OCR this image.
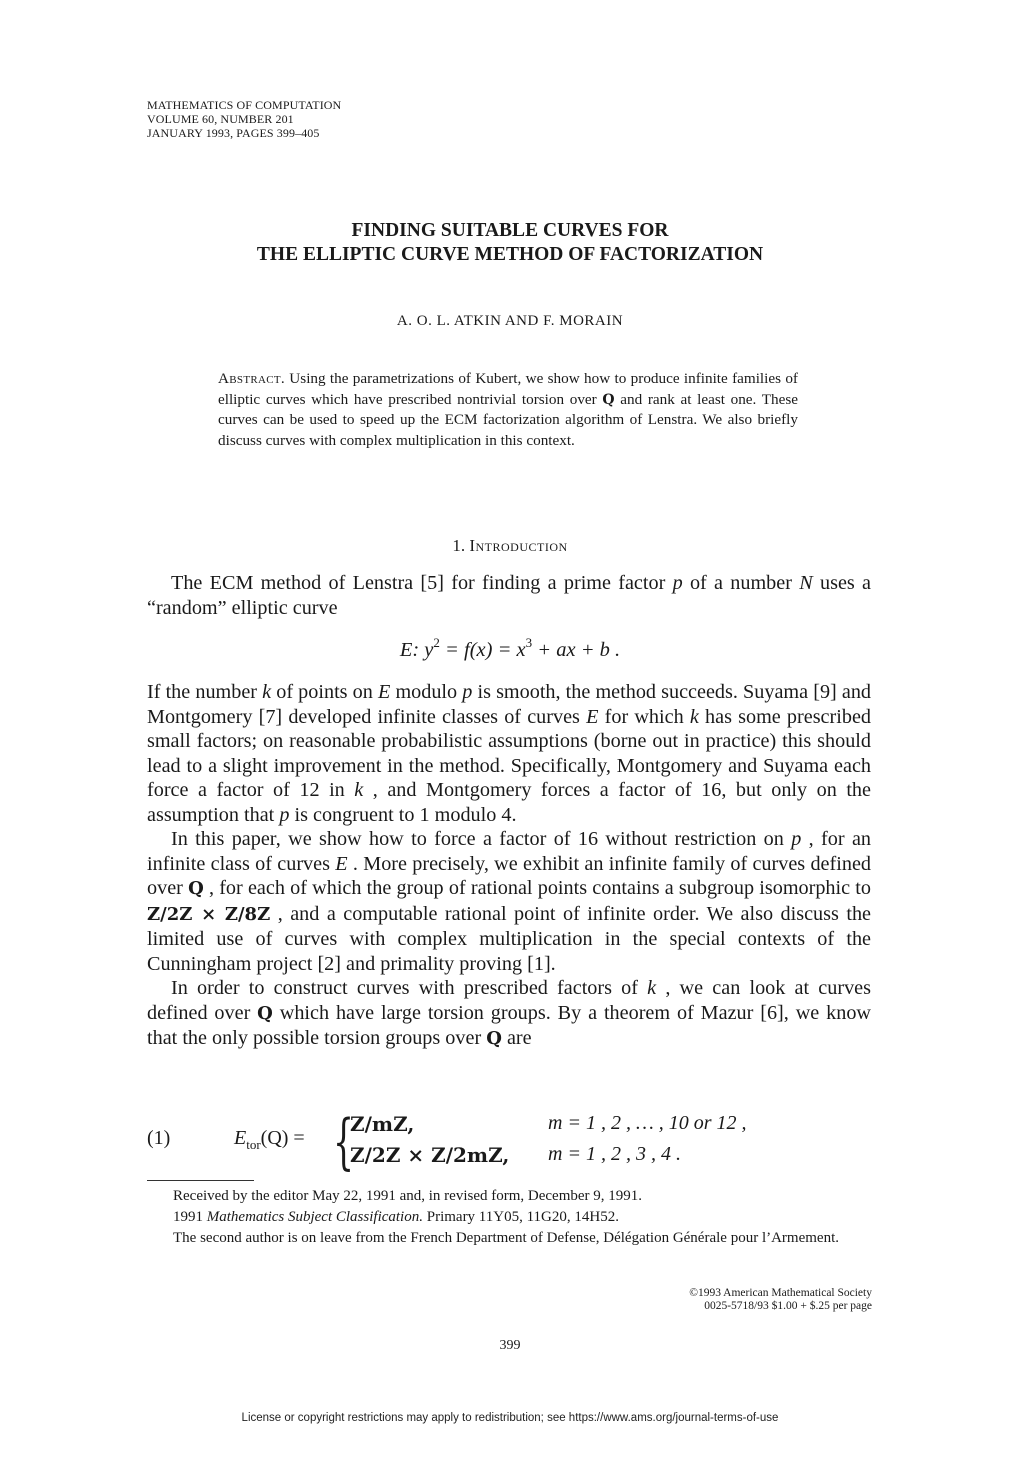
MATHEMATICS OF COMPUTATION
VOLUME 60, NUMBER 201
JANUARY 1993, PAGES 399–405
FINDING SUITABLE CURVES FOR
THE ELLIPTIC CURVE METHOD OF FACTORIZATION
A. O. L. ATKIN AND F. MORAIN
Abstract. Using the parametrizations of Kubert, we show how to produce infinite families of elliptic curves which have prescribed nontrivial torsion over Q and rank at least one. These curves can be used to speed up the ECM factorization algorithm of Lenstra. We also briefly discuss curves with complex multiplication in this context.
1. Introduction

The ECM method of Lenstra [5] for finding a prime factor p of a number N uses a “random” elliptic curve

E: $y^2 = f(x) = x^3$ + ax + b .

If the number k of points on E modulo p is smooth, the method succeeds. Suyama [9] and Montgomery [7] developed infinite classes of curves E for which k has some prescribed small factors; on reasonable probabilistic assumptions (borne out in practice) this should lead to a slight improvement in the method. Specifically, Montgomery and Suyama each force a factor of 12 in k , and Montgomery forces a factor of 16, but only on the assumption that p is congruent to 1 modulo 4.

In this paper, we show how to force a factor of 16 without restriction on p , for an infinite class of curves E . More precisely, we exhibit an infinite family of curves defined over Q , for each of which the group of rational points contains a subgroup isomorphic to Z/2Z × Z/8Z , and a computable rational point of infinite order. We also discuss the limited use of curves with complex multiplication in the special contexts of the Cunningham project [2] and primality proving [1].

In order to construct curves with prescribed factors of k , we can look at curves defined over Q which have large torsion groups. By a theorem of Mazur [6], we know that the only possible torsion groups over Q are

(1)	$E_{tor}(Q)$ = {
Z/mZ,	m = 1 , 2 , … , 10 or 12 ,
Z/2Z × Z/2mZ, m = 1 , 2 , 3 , 4 .

Received by the editor May 22, 1991 and, in revised form, December 9, 1991.

1991 Mathematics Subject Classification. Primary 11Y05, 11G20, 14H52.

The second author is on leave from the French Department of Defense, Délégation Générale pour l’Armement.

©1993 American Mathematical Society
0025-5718/93 $1.00 + $.25 per page
399
License or copyright restrictions may apply to redistribution; see https://www.ams.org/journal-terms-of-use
